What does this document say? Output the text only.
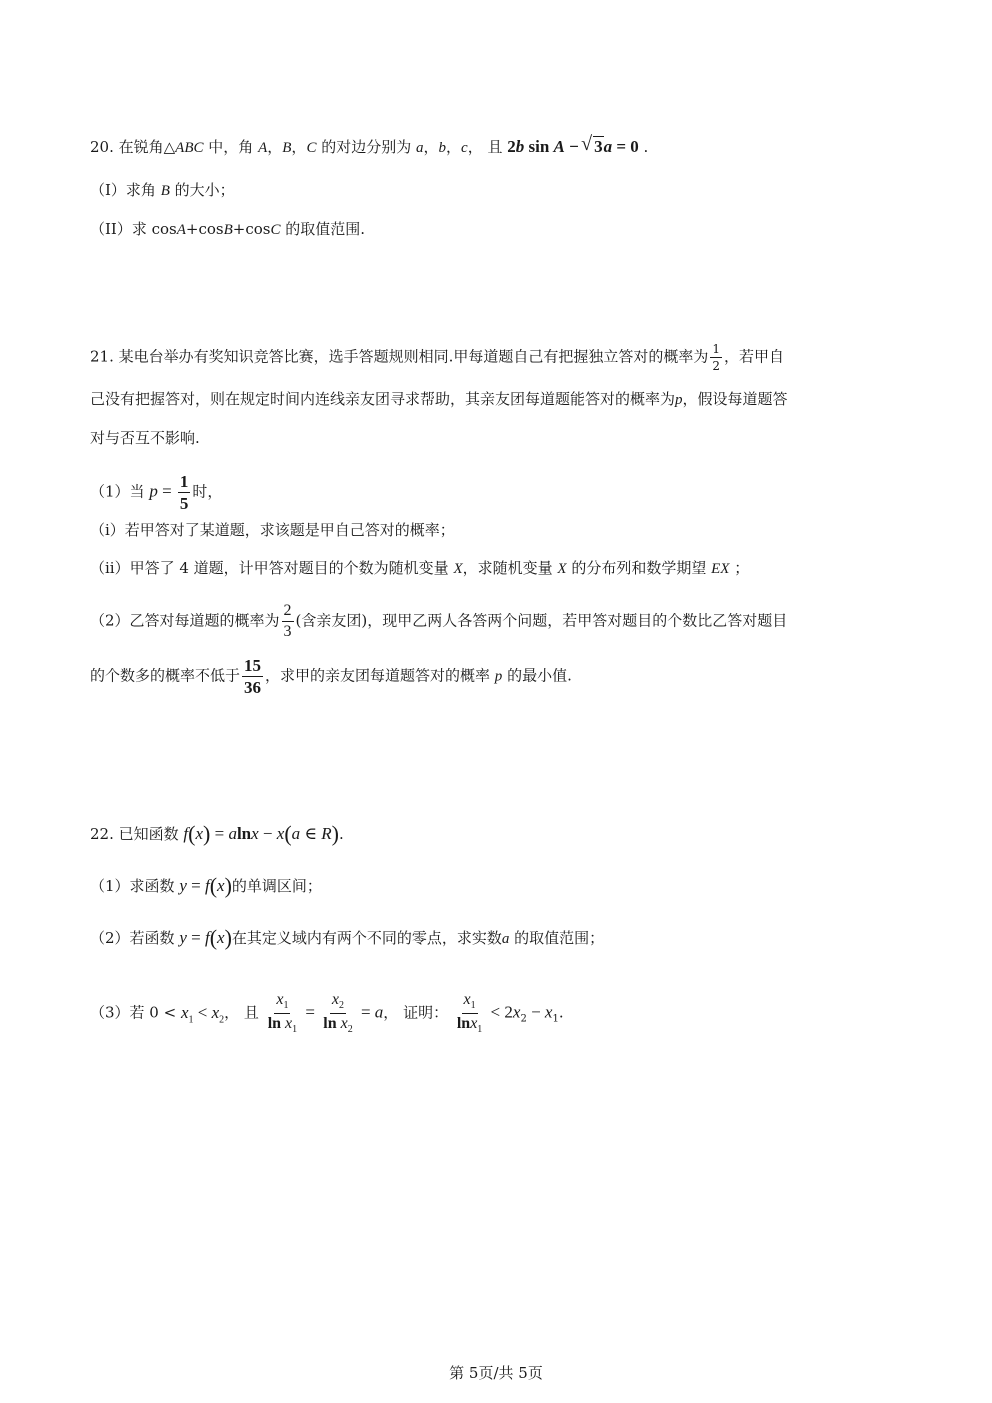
20. 在锐角△ABC 中，角 A，B，C 的对边分别为 a，b，c， 且 2b sin A − √ 3a = 0 .
（I）求角 B 的大小；
（II）求 cosA+cosB+cosC 的取值范围.
21. 某电台举办有奖知识竞答比赛，选手答题规则相同.甲每道题自己有把握独立答对的概率为 $\frac{1}{2}$ ，若甲自
己没有把握答对，则在规定时间内连线亲友团寻求帮助，其亲友团每道题能答对的概率为p，假设每道题答
对与否互不影响.
（1）当 $p = \frac{1}{5}$ 时，
（i）若甲答对了某道题，求该题是甲自己答对的概率；
（ii）甲答了 4 道题，计甲答对题目的个数为随机变量 X，求随机变量 X 的分布列和数学期望 EX ；
（2）乙答对每道题的概率为 $\frac{2}{3}$ (含亲友团)，现甲乙两人各答两个问题，若甲答对题目的个数比乙答对题目
的个数多的概率不低于 $\frac{15}{36}$ ，求甲的亲友团每道题答对的概率 p 的最小值.
22. 已知函数 f(x) = alnx − x(a ∈ R).
（1）求函数 y = f(x)的单调区间；
（2）若函数 y = f(x)在其定义域内有两个不同的零点，求实数a 的取值范围；
（3）若 $0 < x_1 < x_2$， 且 $\frac{x_1}{\ln x_1} = \frac{x_2}{\ln x_2} = a$， 证明： $\frac{x_1}{\ln x_1} < 2x_2 - x_1$.
第 5页/共 5页
